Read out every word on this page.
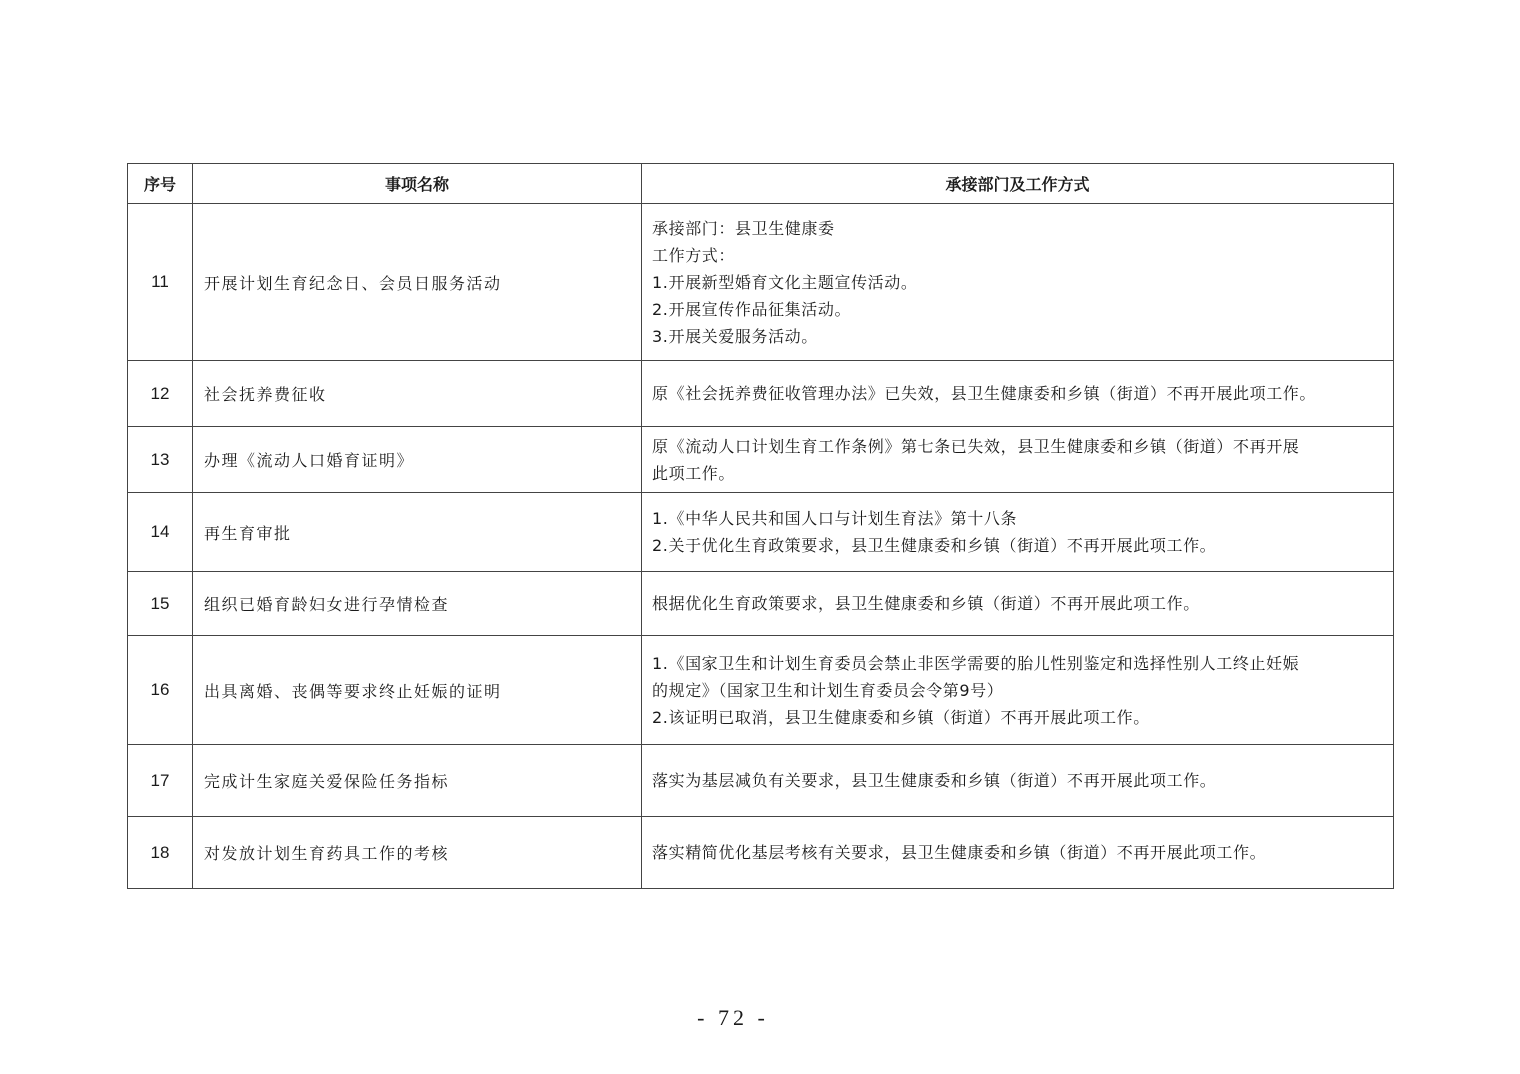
序号	事项名称	承接部门及工作方式
11	开展计划生育纪念日、会员日服务活动	承接部门：县卫生健康委
工作方式：
1.开展新型婚育文化主题宣传活动。
2.开展宣传作品征集活动。
3.开展关爱服务活动。

12	社会抚养费征收	原《社会抚养费征收管理办法》已失效，县卫生健康委和乡镇（街道）不再开展此项工作。

13	办理《流动人口婚育证明》	原《流动人口计划生育工作条例》第七条已失效，县卫生健康委和乡镇（街道）不再开展
此项工作。

14	再生育审批	1.《中华人民共和国人口与计划生育法》第十八条
2.关于优化生育政策要求，县卫生健康委和乡镇（街道）不再开展此项工作。

15	组织已婚育龄妇女进行孕情检查	根据优化生育政策要求，县卫生健康委和乡镇（街道）不再开展此项工作。

16	出具离婚、丧偶等要求终止妊娠的证明	1.《国家卫生和计划生育委员会禁止非医学需要的胎儿性别鉴定和选择性别人工终止妊娠
的规定》（国家卫生和计划生育委员会令第9号）
2.该证明已取消，县卫生健康委和乡镇（街道）不再开展此项工作。

17	完成计生家庭关爱保险任务指标	落实为基层减负有关要求，县卫生健康委和乡镇（街道）不再开展此项工作。

18	对发放计划生育药具工作的考核	落实精简优化基层考核有关要求，县卫生健康委和乡镇（街道）不再开展此项工作。
- 72 -
